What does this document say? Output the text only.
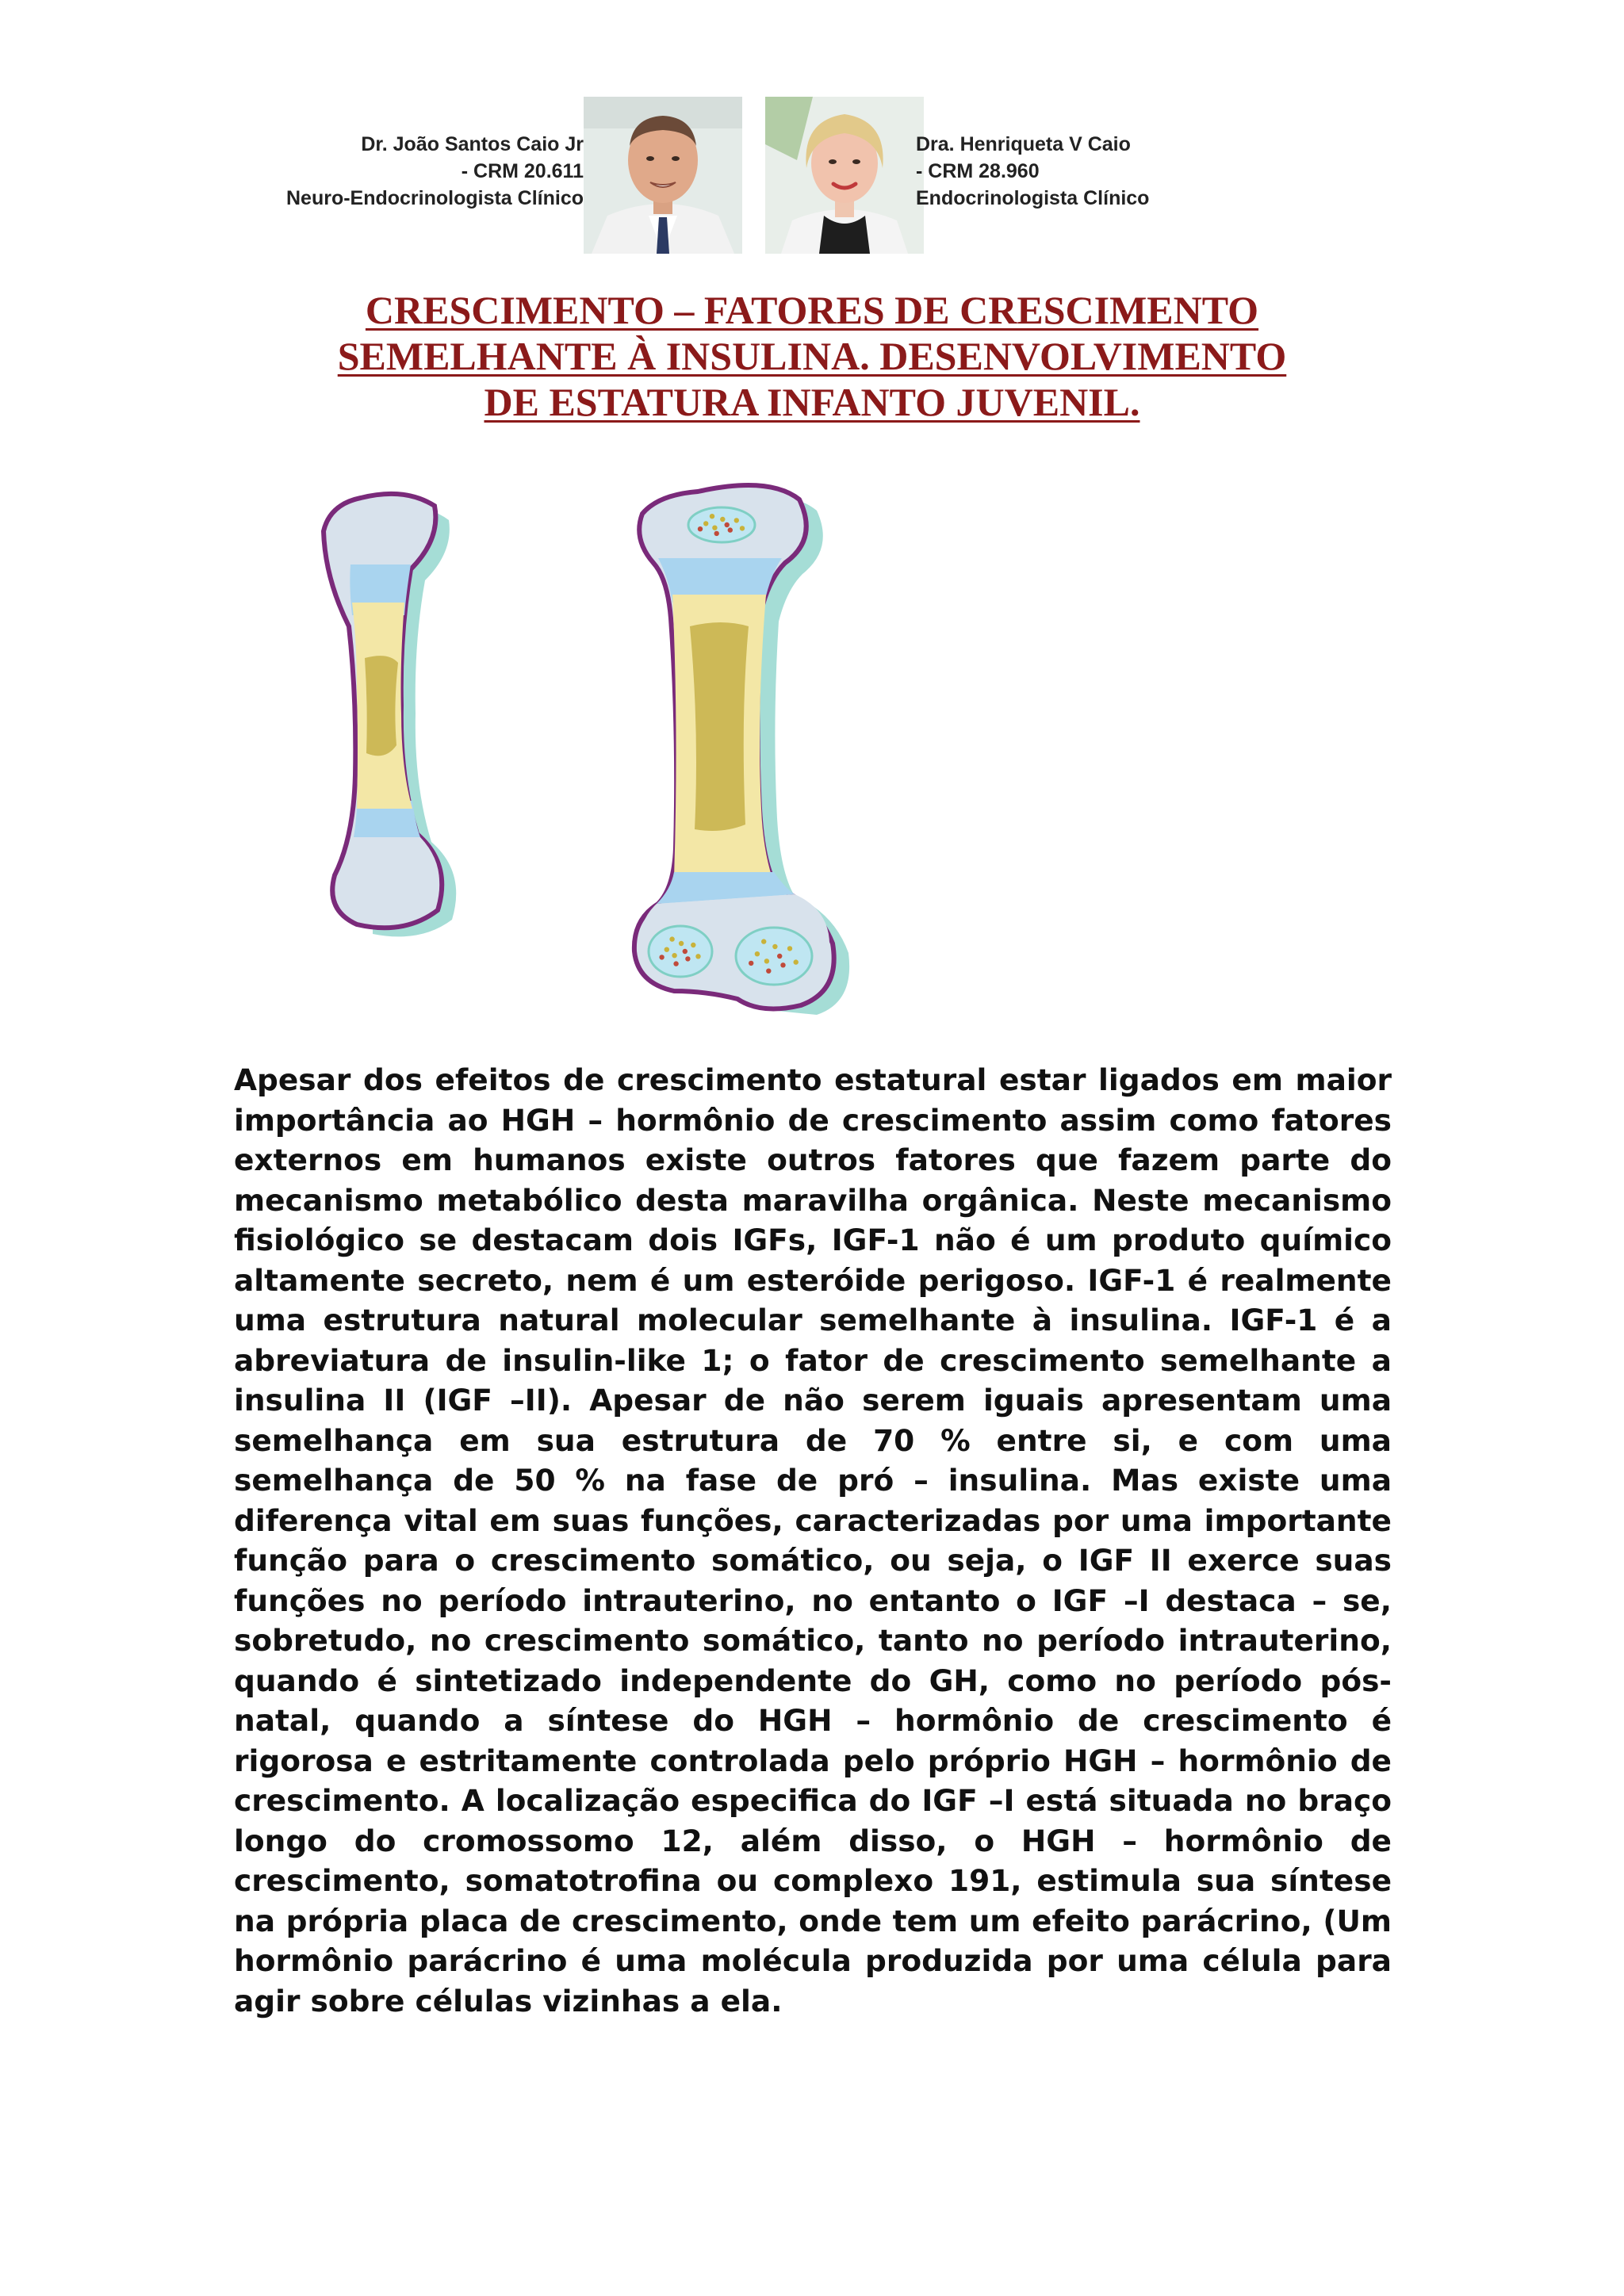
Dr. João Santos Caio Jr
- CRM 20.611
Neuro-Endocrinologista Clínico
Dra. Henriqueta V Caio
- CRM 28.960
Endocrinologista Clínico
CRESCIMENTO – FATORES DE CRESCIMENTO
SEMELHANTE À INSULINA. DESENVOLVIMENTO
DE ESTATURA INFANTO JUVENIL.

Apesar dos efeitos de crescimento estatural estar ligados em maior importância ao HGH – hormônio de crescimento assim como fatores externos em humanos existe outros fatores que fazem parte do mecanismo metabólico desta maravilha orgânica. Neste mecanismo fisiológico se destacam dois IGFs, IGF-1 não é um produto químico altamente secreto, nem é um esteróide perigoso. IGF-1 é realmente uma estrutura natural molecular semelhante à insulina. IGF-1 é a abreviatura de insulin-like 1; o fator de crescimento semelhante a insulina II (IGF –II). Apesar de não serem iguais apresentam uma semelhança em sua estrutura de 70 % entre si, e com uma semelhança de 50 % na fase de pró – insulina. Mas existe uma diferença vital em suas funções, caracterizadas por uma importante função para o crescimento somático, ou seja, o IGF II exerce suas funções no período intrauterino, no entanto o IGF –I destaca – se, sobretudo, no crescimento somático, tanto no período intrauterino, quando é sintetizado independente do GH, como no período pós- natal, quando a síntese do HGH – hormônio de crescimento é rigorosa e estritamente controlada pelo próprio HGH – hormônio de crescimento. A localização especifica do IGF –I está situada no braço longo do cromossomo 12, além disso, o HGH – hormônio de crescimento, somatotrofina ou complexo 191, estimula sua síntese na própria placa de crescimento, onde tem um efeito parácrino, (Um hormônio parácrino é uma molécula produzida por uma célula para agir sobre células vizinhas a ela.
